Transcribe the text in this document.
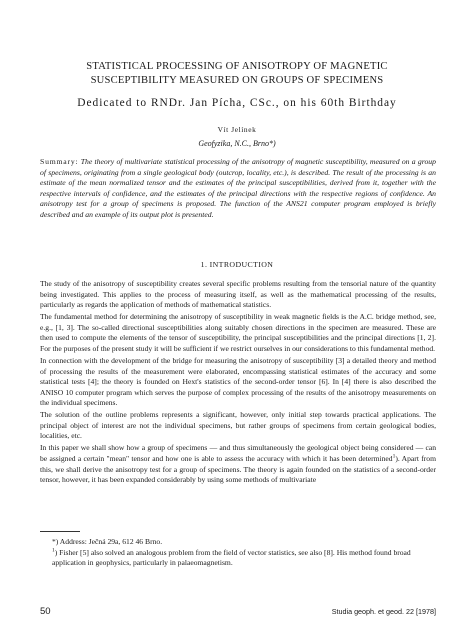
STATISTICAL PROCESSING OF ANISOTROPY OF MAGNETIC
SUSCEPTIBILITY MEASURED ON GROUPS OF SPECIMENS
Dedicated to RNDr. Jan Pícha, CSc., on his 60th Birthday
Vít Jelínek
Geofyzika, N.C., Brno*)
Summary: The theory of multivariate statistical processing of the anisotropy of magnetic susceptibility, measured on a group of specimens, originating from a single geological body (outcrop, locality, etc.), is described. The result of the processing is an estimate of the mean normalized tensor and the estimates of the principal susceptibilities, derived from it, together with the respective intervals of confidence, and the estimates of the principal directions with the respective regions of confidence. An anisotropy test for a group of specimens is proposed. The function of the ANS21 computer program employed is briefly described and an example of its output plot is presented.
1. INTRODUCTION

The study of the anisotropy of susceptibility creates several specific problems resulting from the tensorial nature of the quantity being investigated. This applies to the process of measuring itself, as well as the mathematical processing of the results, particularly as regards the application of methods of mathematical statistics.

The fundamental method for determining the anisotropy of susceptibility in weak magnetic fields is the A.C. bridge method, see, e.g., [1, 3]. The so-called directional susceptibilities along suitably chosen directions in the specimen are measured. These are then used to compute the elements of the tensor of susceptibility, the principal susceptibilities and the principal directions [1, 2]. For the purposes of the present study it will be sufficient if we restrict ourselves in our considerations to this fundamental method.

In connection with the development of the bridge for measuring the anisotropy of susceptibility [3] a detailed theory and method of processing the results of the measurement were elaborated, encompassing statistical estimates of the accuracy and some statistical tests [4]; the theory is founded on Hext's statistics of the second-order tensor [6]. In [4] there is also described the ANISO 10 computer program which serves the purpose of complex processing of the results of the anisotropy measurements on the individual specimens.

The solution of the outline problems represents a significant, however, only initial step towards practical applications. The principal object of interest are not the individual specimens, but rather groups of specimens from certain geological bodies, localities, etc.

In this paper we shall show how a group of specimens — and thus simultaneously the geological object being considered — can be assigned a certain "mean" tensor and how one is able to assess the accuracy with which it has been determined$^1$). Apart from this, we shall derive the anisotropy test for a group of specimens. The theory is again founded on the statistics of a second-order tensor, however, it has been expanded considerably by using some methods of multivariate

*) Address: Ječná 29a, 612 46 Brno.

$^1$) Fisher [5] also solved an analogous problem from the field of vector statistics, see also [8]. His method found broad application in geophysics, particularly in palaeomagnetism.

50	Studia geoph. et geod. 22 [1978]
